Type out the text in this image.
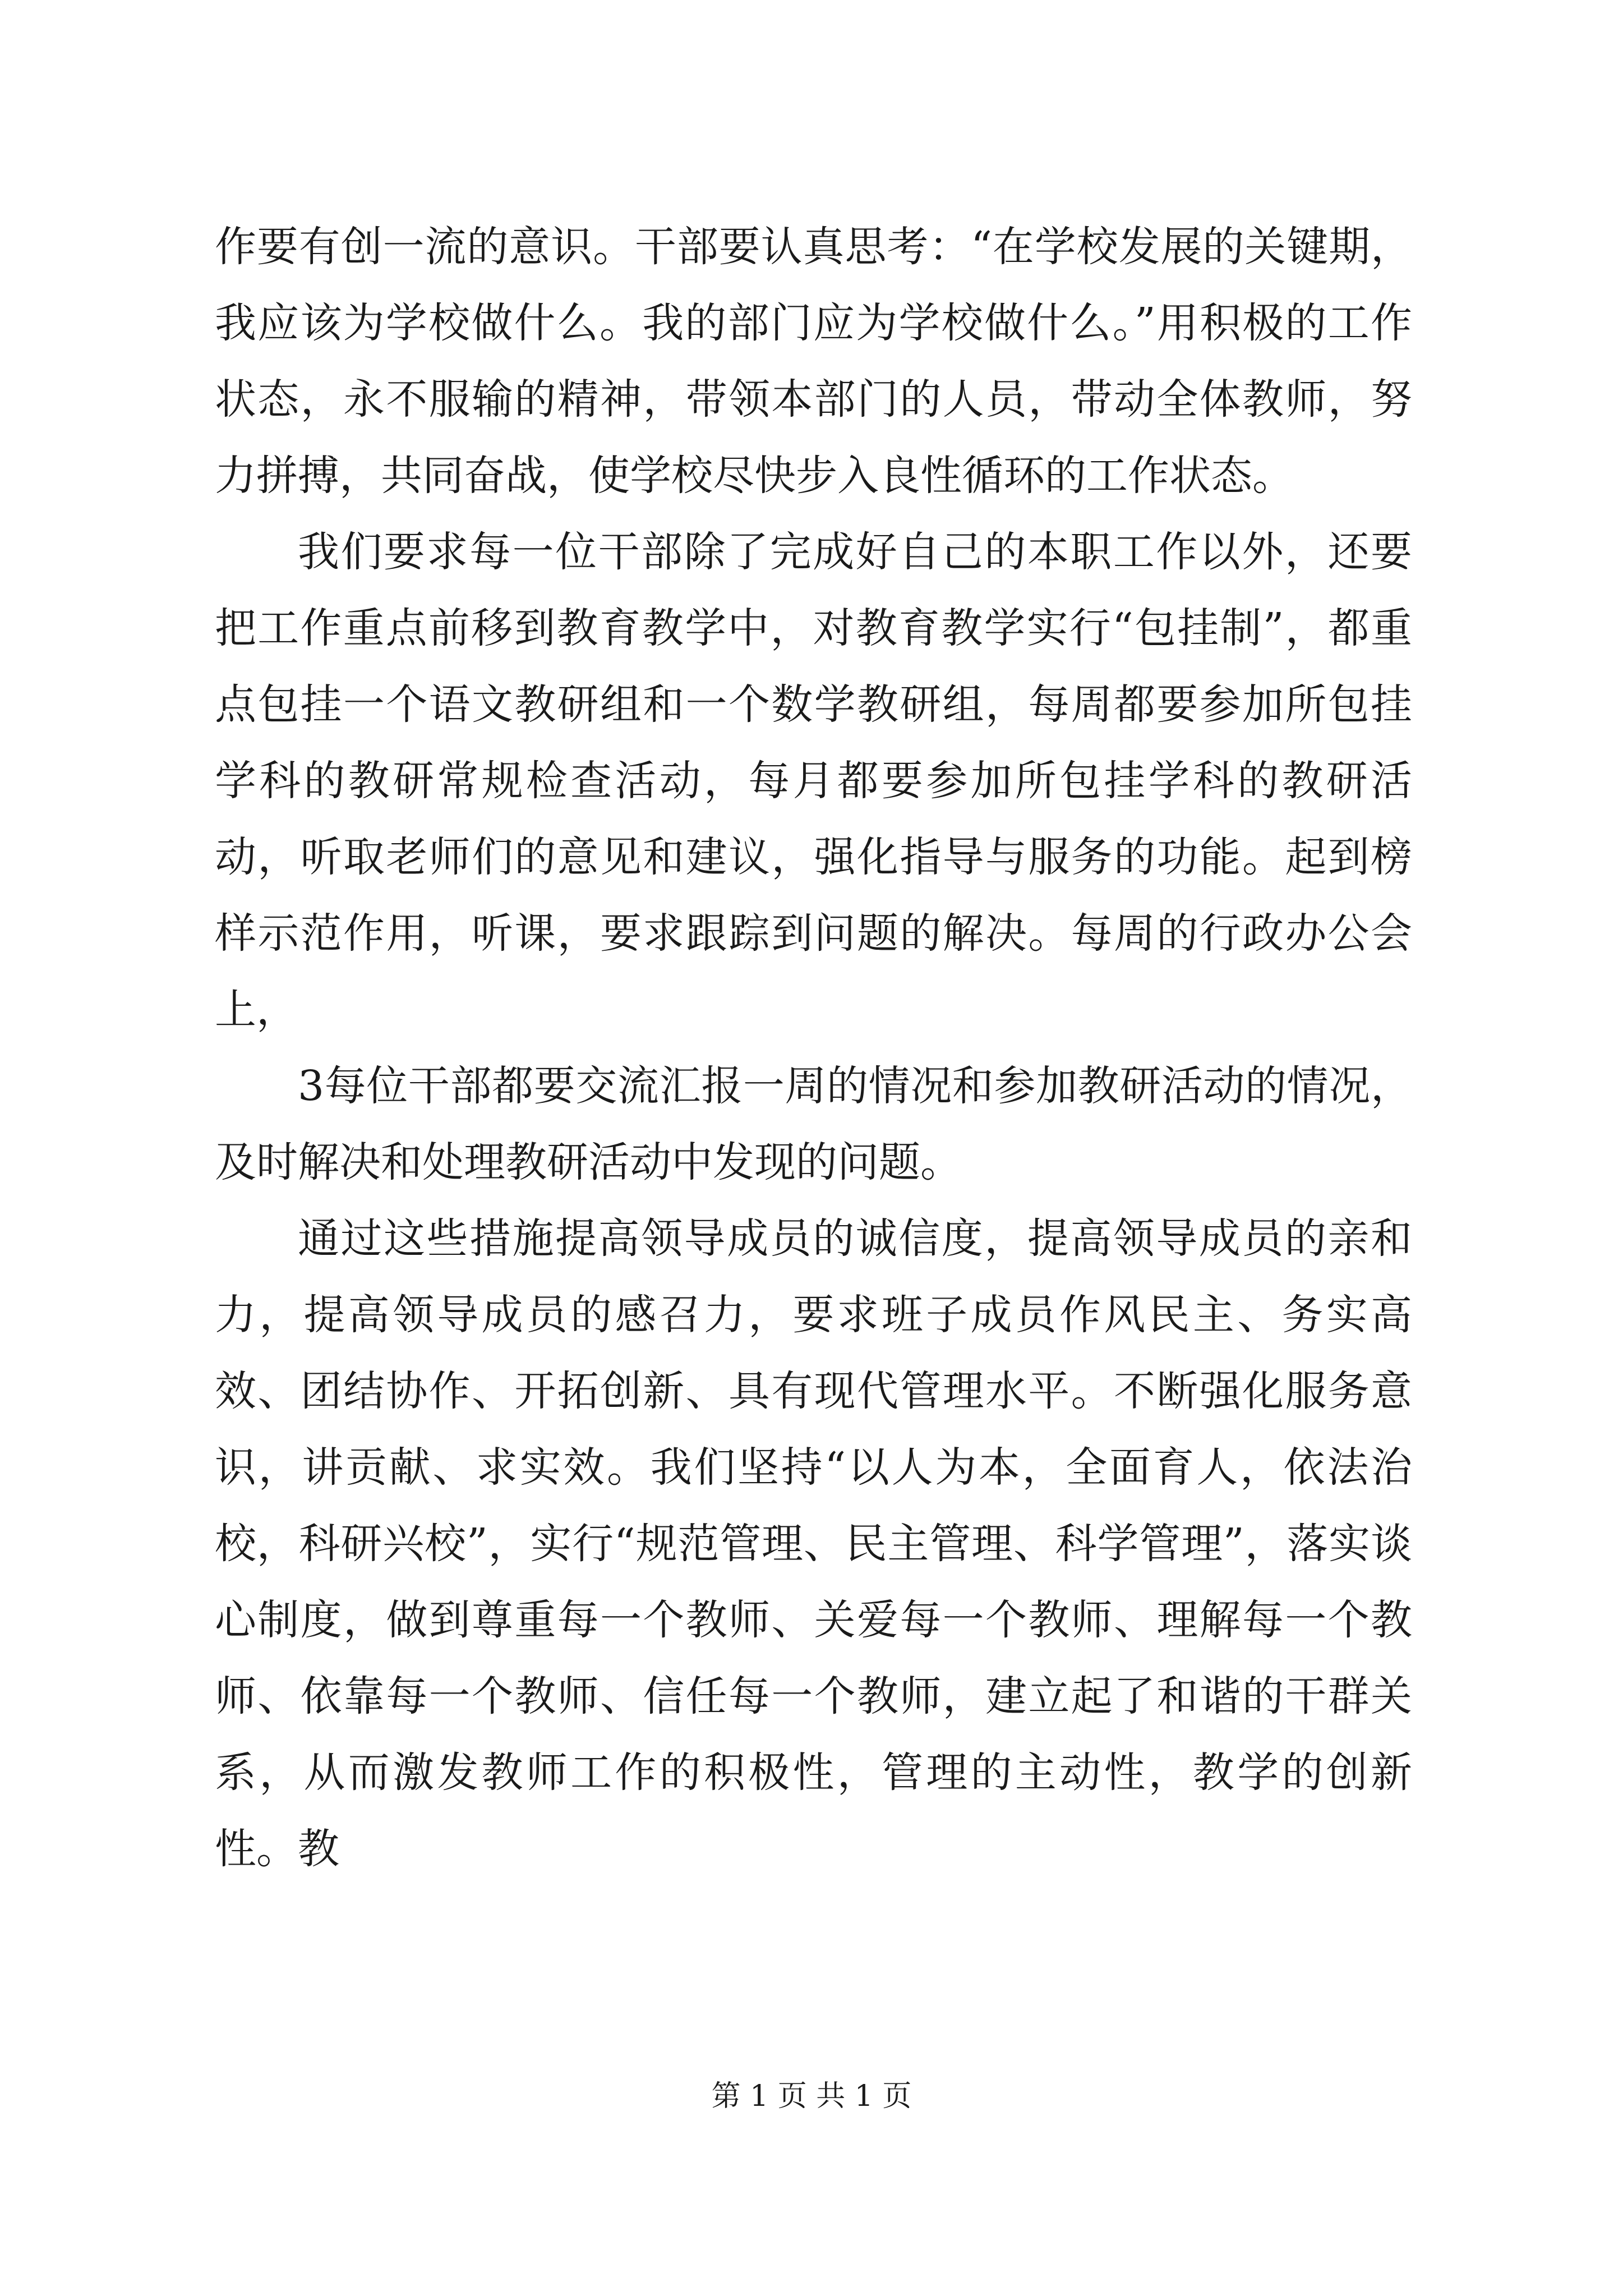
作要有创一流的意识。干部要认真思考：“在学校发展的关键期，我应该为学校做什么。我的部门应为学校做什么。”用积极的工作状态，永不服输的精神，带领本部门的人员，带动全体教师，努力拼搏，共同奋战，使学校尽快步入良性循环的工作状态。

我们要求每一位干部除了完成好自己的本职工作以外，还要把工作重点前移到教育教学中，对教育教学实行“包挂制”，都重点包挂一个语文教研组和一个数学教研组，每周都要参加所包挂学科的教研常规检查活动，每月都要参加所包挂学科的教研活动，听取老师们的意见和建议，强化指导与服务的功能。起到榜样示范作用，听课，要求跟踪到问题的解决。每周的行政办公会上，

3每位干部都要交流汇报一周的情况和参加教研活动的情况，及时解决和处理教研活动中发现的问题。

通过这些措施提高领导成员的诚信度，提高领导成员的亲和力，提高领导成员的感召力，要求班子成员作风民主、务实高效、团结协作、开拓创新、具有现代管理水平。不断强化服务意识，讲贡献、求实效。我们坚持“以人为本，全面育人，依法治校，科研兴校”，实行“规范管理、民主管理、科学管理”，落实谈心制度，做到尊重每一个教师、关爱每一个教师、理解每一个教师、依靠每一个教师、信任每一个教师，建立起了和谐的干群关系，从而激发教师工作的积极性，管理的主动性，教学的创新性。教

第 1 页 共 1 页
